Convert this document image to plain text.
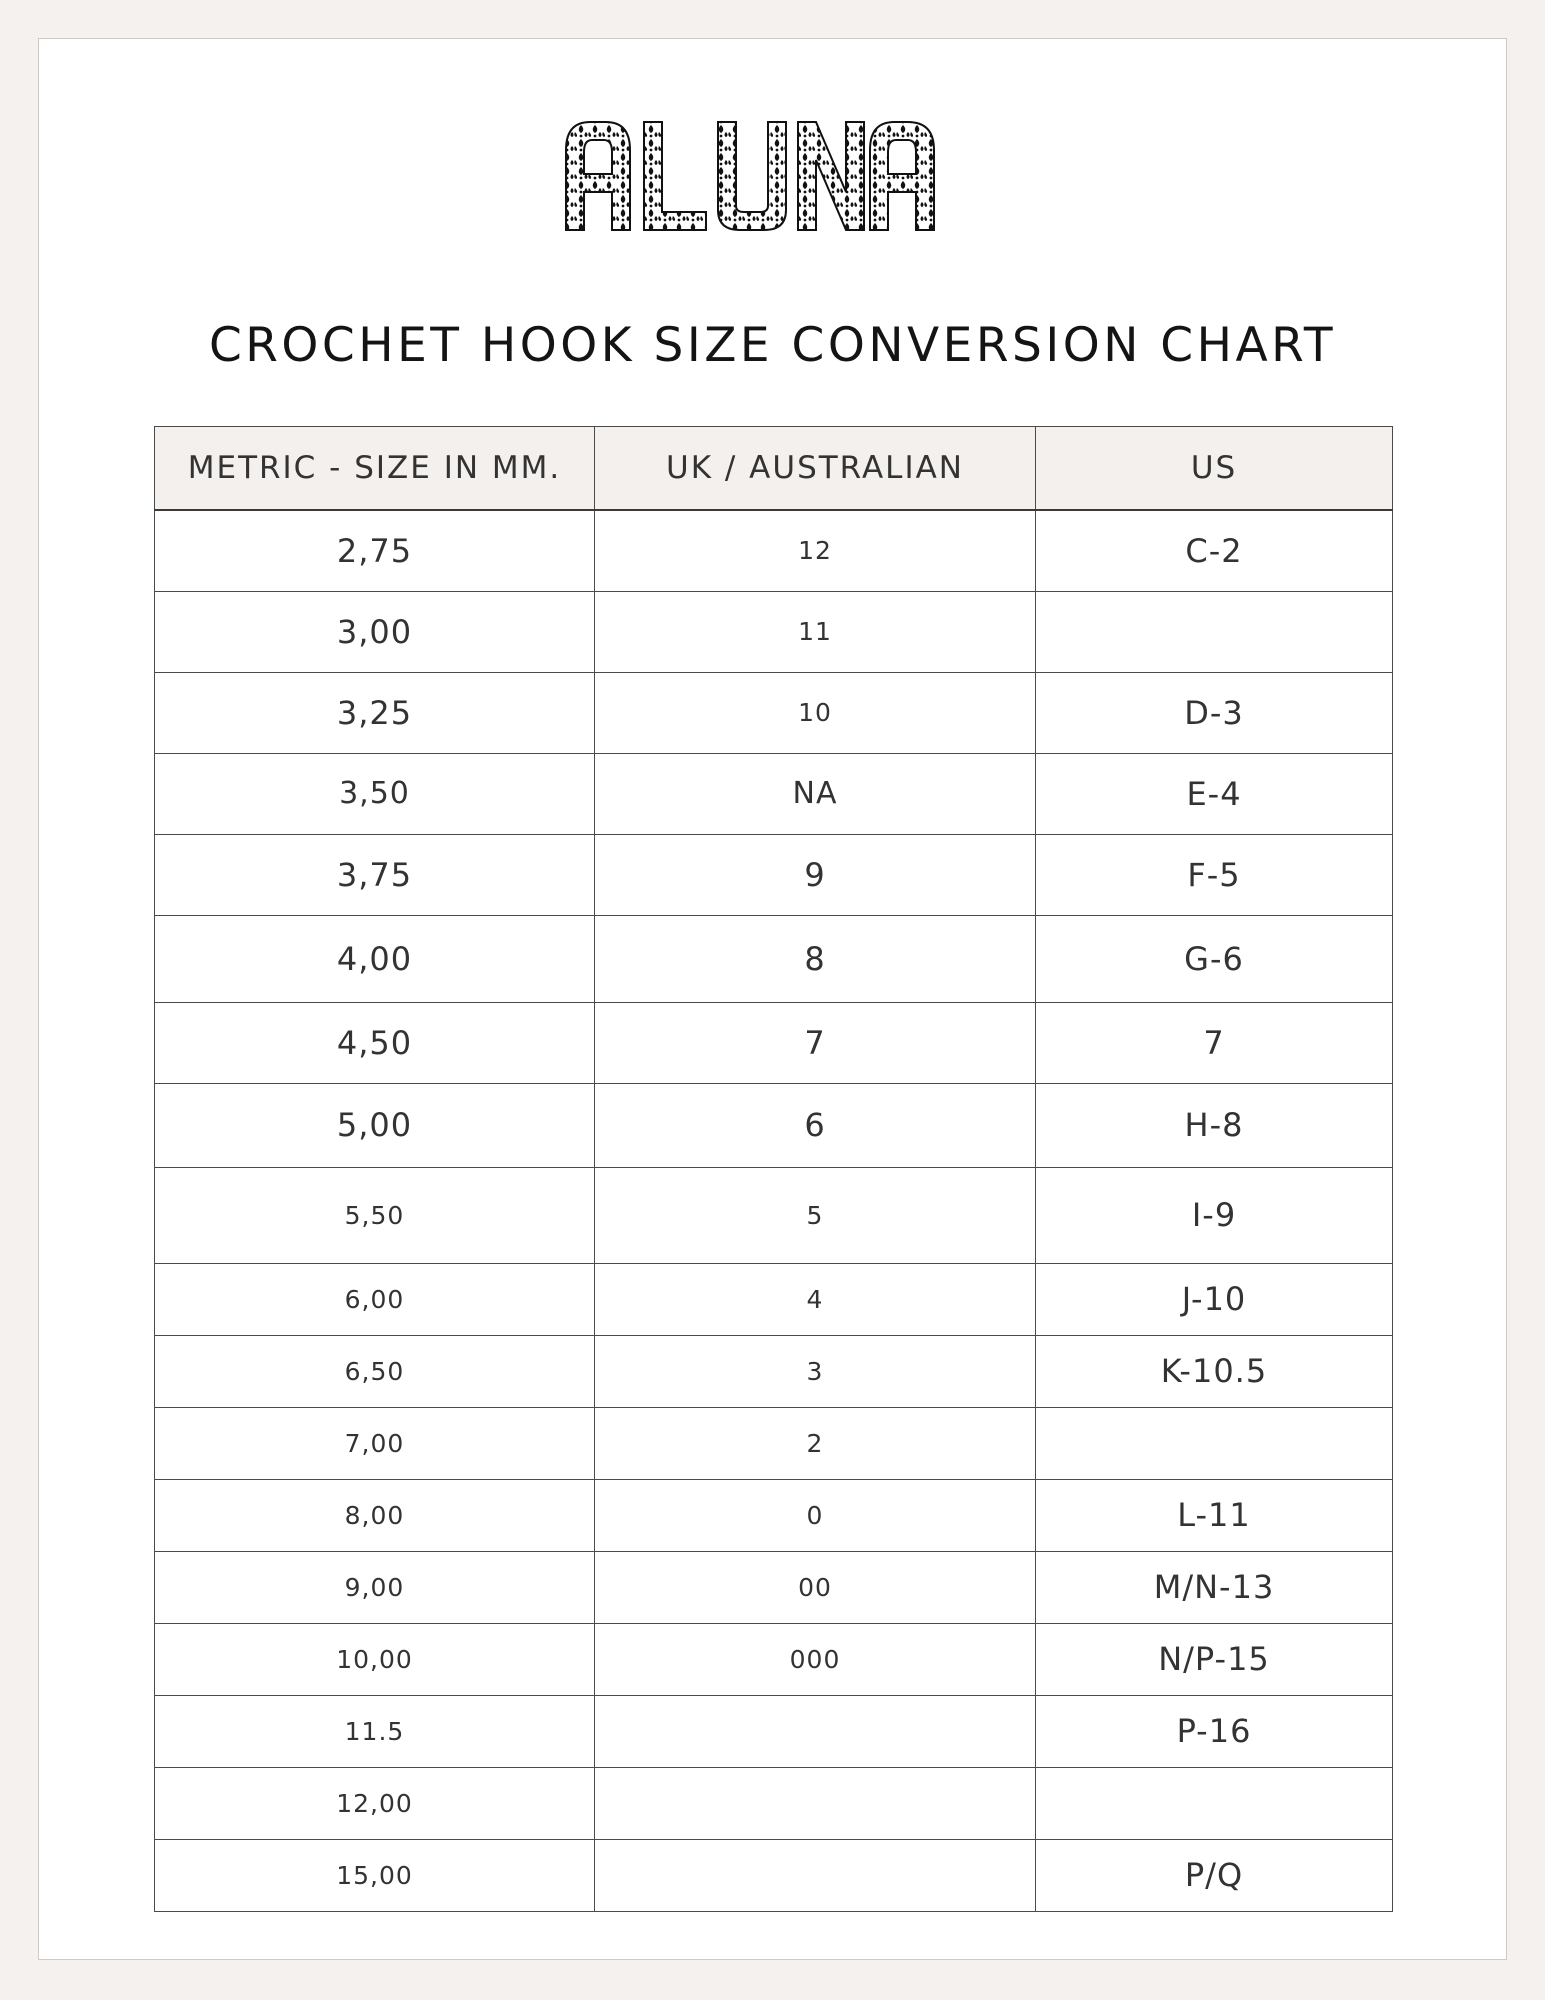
CROCHET HOOK SIZE CONVERSION CHART
METRIC - SIZE IN MM.	UK / AUSTRALIAN	US
2,75	12	C-2
3,00	11	
3,25	10	D-3
3,50	NA	E-4
3,75	9	F-5
4,00	8	G-6
4,50	7	7
5,00	6	H-8
5,50	5	I-9
6,00	4	J-10
6,50	3	K-10.5
7,00	2	
8,00	0	L-11
9,00	00	M/N-13
10,00	000	N/P-15
11.5		P-16
12,00		
15,00		P/Q
